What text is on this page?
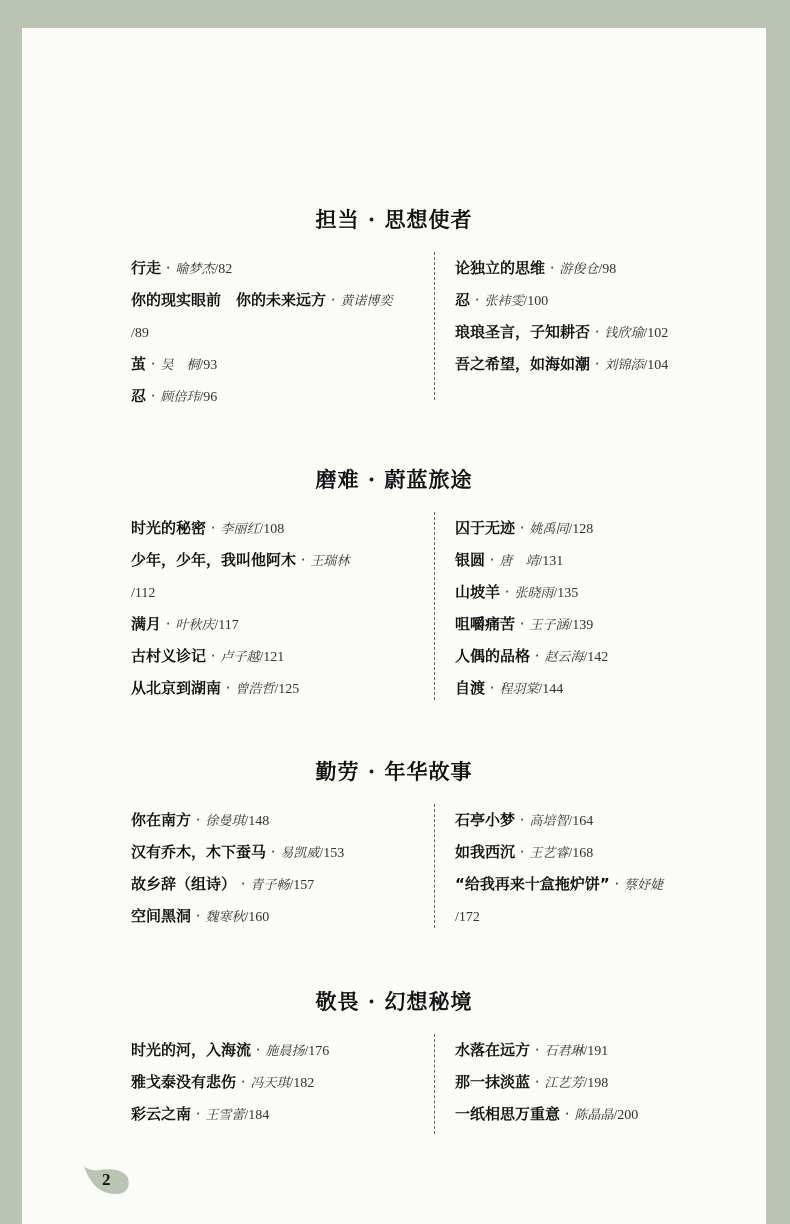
担当 · 思想使者
行走 · 喻梦杰/82
你的现实眼前　你的未来远方 · 黄诺博奕
/89
茧 · 吴　桐/93
忍 · 顾倍玮/96
论独立的思维 · 游俊仓/98
忍 · 张袆雯/100
琅琅圣言，子知耕否 · 钱欣瑜/102
吾之希望，如海如潮 · 刘锦添/104
磨难 · 蔚蓝旅途
时光的秘密 · 李丽红/108
少年，少年，我叫他阿木 · 王瑞林
/112
满月 · 叶秋庆/117
古村义诊记 · 卢子越/121
从北京到湖南 · 曾浩哲/125
囚于无迹 · 姚禹同/128
银圆 · 唐　靖/131
山坡羊 · 张晓雨/135
咀嚼痛苦 · 王子涵/139
人偶的品格 · 赵云海/142
自渡 · 程羽棠/144
勤劳 · 年华故事
你在南方 · 徐曼琪/148
汉有乔木，木下蚕马 · 易凯威/153
故乡辞（组诗） · 青子畅/157
空间黑洞 · 魏寒秋/160
石亭小梦 · 高培智/164
如我西沉 · 王艺睿/168
“给我再来十盒拖炉饼” · 蔡妤婕
/172
敬畏 · 幻想秘境
时光的河，入海流 · 施晨扬/176
雅戈泰没有悲伤 · 冯天琪/182
彩云之南 · 王雪蕾/184
水落在远方 · 石君琳/191
那一抹淡蓝 · 江艺芳/198
一纸相思万重意 · 陈晶晶/200
2
